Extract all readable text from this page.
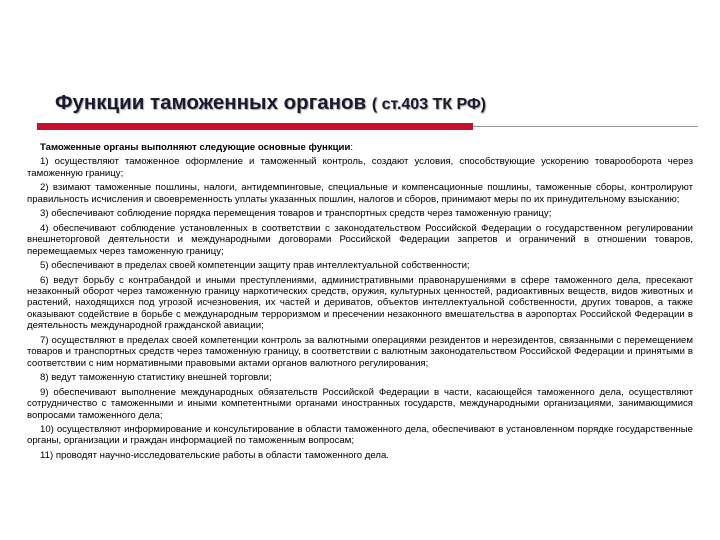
Функции таможенных органов ( ст.403 ТК РФ)

Таможенные органы выполняют следующие основные функции:

1) осуществляют таможенное оформление и таможенный контроль, создают условия, способствующие ускорению товарооборота через таможенную границу;

2) взимают таможенные пошлины, налоги, антидемпинговые, специальные и компенсационные пошлины, таможенные сборы, контролируют правильность исчисления и своевременность уплаты указанных пошлин, налогов и сборов, принимают меры по их принудительному взысканию;

3) обеспечивают соблюдение порядка перемещения товаров и транспортных средств через таможенную границу;

4) обеспечивают соблюдение установленных в соответствии с законодательством Российской Федерации о государственном регулировании внешнеторговой деятельности и международными договорами Российской Федерации запретов и ограничений в отношении товаров, перемещаемых через таможенную границу;

5) обеспечивают в пределах своей компетенции защиту прав интеллектуальной собственности;

6) ведут борьбу с контрабандой и иными преступлениями, административными правонарушениями в сфере таможенного дела, пресекают незаконный оборот через таможенную границу наркотических средств, оружия, культурных ценностей, радиоактивных веществ, видов животных и растений, находящихся под угрозой исчезновения, их частей и дериватов, объектов интеллектуальной собственности, других товаров, а также оказывают содействие в борьбе с международным терроризмом и пресечении незаконного вмешательства в аэропортах Российской Федерации в деятельность международной гражданской авиации;

7) осуществляют в пределах своей компетенции контроль за валютными операциями резидентов и нерезидентов, связанными с перемещением товаров и транспортных средств через таможенную границу, в соответствии с валютным законодательством Российской Федерации и принятыми в соответствии с ним нормативными правовыми актами органов валютного регулирования;

8) ведут таможенную статистику внешней торговли;

9) обеспечивают выполнение международных обязательств Российской Федерации в части, касающейся таможенного дела, осуществляют сотрудничество с таможенными и иными компетентными органами иностранных государств, международными организациями, занимающимися вопросами таможенного дела;

10) осуществляют информирование и консультирование в области таможенного дела, обеспечивают в установленном порядке государственные органы, организации и граждан информацией по таможенным вопросам;

11) проводят научно-исследовательские работы в области таможенного дела.
